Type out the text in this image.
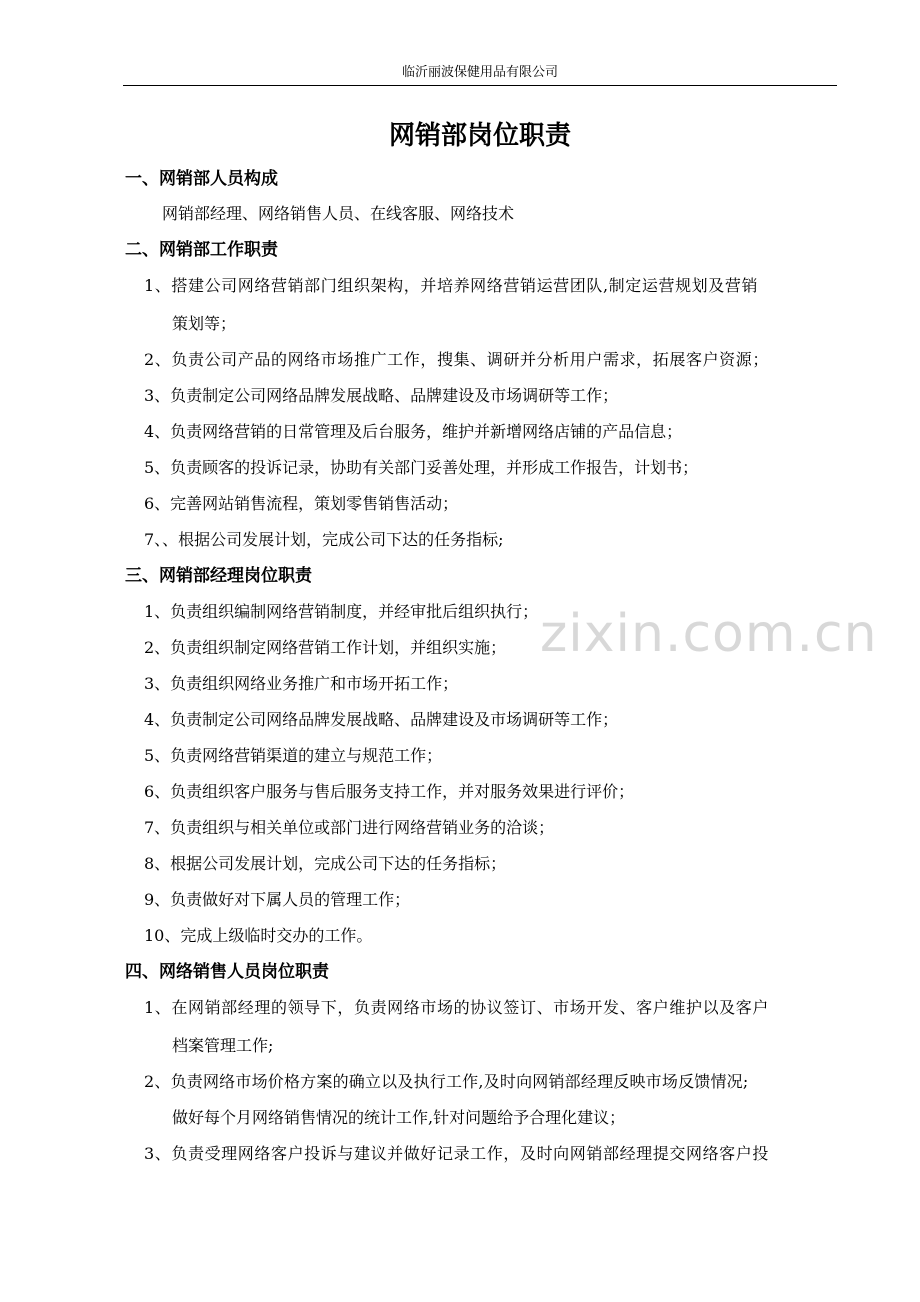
临沂丽波保健用品有限公司
网销部岗位职责
一、网销部人员构成
网销部经理、网络销售人员、在线客服、网络技术
二、网销部工作职责
1、搭建公司网络营销部门组织架构，并培养网络营销运营团队,制定运营规划及营销
策划等；
2、负责公司产品的网络市场推广工作，搜集、调研并分析用户需求，拓展客户资源；
3、负责制定公司网络品牌发展战略、品牌建设及市场调研等工作；
4、负责网络营销的日常管理及后台服务，维护并新增网络店铺的产品信息；
5、负责顾客的投诉记录，协助有关部门妥善处理，并形成工作报告，计划书；
6、完善网站销售流程，策划零售销售活动；
7、、根据公司发展计划，完成公司下达的任务指标;
三、网销部经理岗位职责
1、负责组织编制网络营销制度，并经审批后组织执行；
2、负责组织制定网络营销工作计划，并组织实施；
3、负责组织网络业务推广和市场开拓工作；
4、负责制定公司网络品牌发展战略、品牌建设及市场调研等工作；
5、负责网络营销渠道的建立与规范工作；
6、负责组织客户服务与售后服务支持工作，并对服务效果进行评价；
7、负责组织与相关单位或部门进行网络营销业务的洽谈；
8、根据公司发展计划，完成公司下达的任务指标；
9、负责做好对下属人员的管理工作；
10、完成上级临时交办的工作。
四、网络销售人员岗位职责
1、在网销部经理的领导下，负责网络市场的协议签订、市场开发、客户维护以及客户
档案管理工作;
2、负责网络市场价格方案的确立以及执行工作,及时向网销部经理反映市场反馈情况;
做好每个月网络销售情况的统计工作,针对问题给予合理化建议；
3、负责受理网络客户投诉与建议并做好记录工作，及时向网销部经理提交网络客户投
zixin.com.cn
